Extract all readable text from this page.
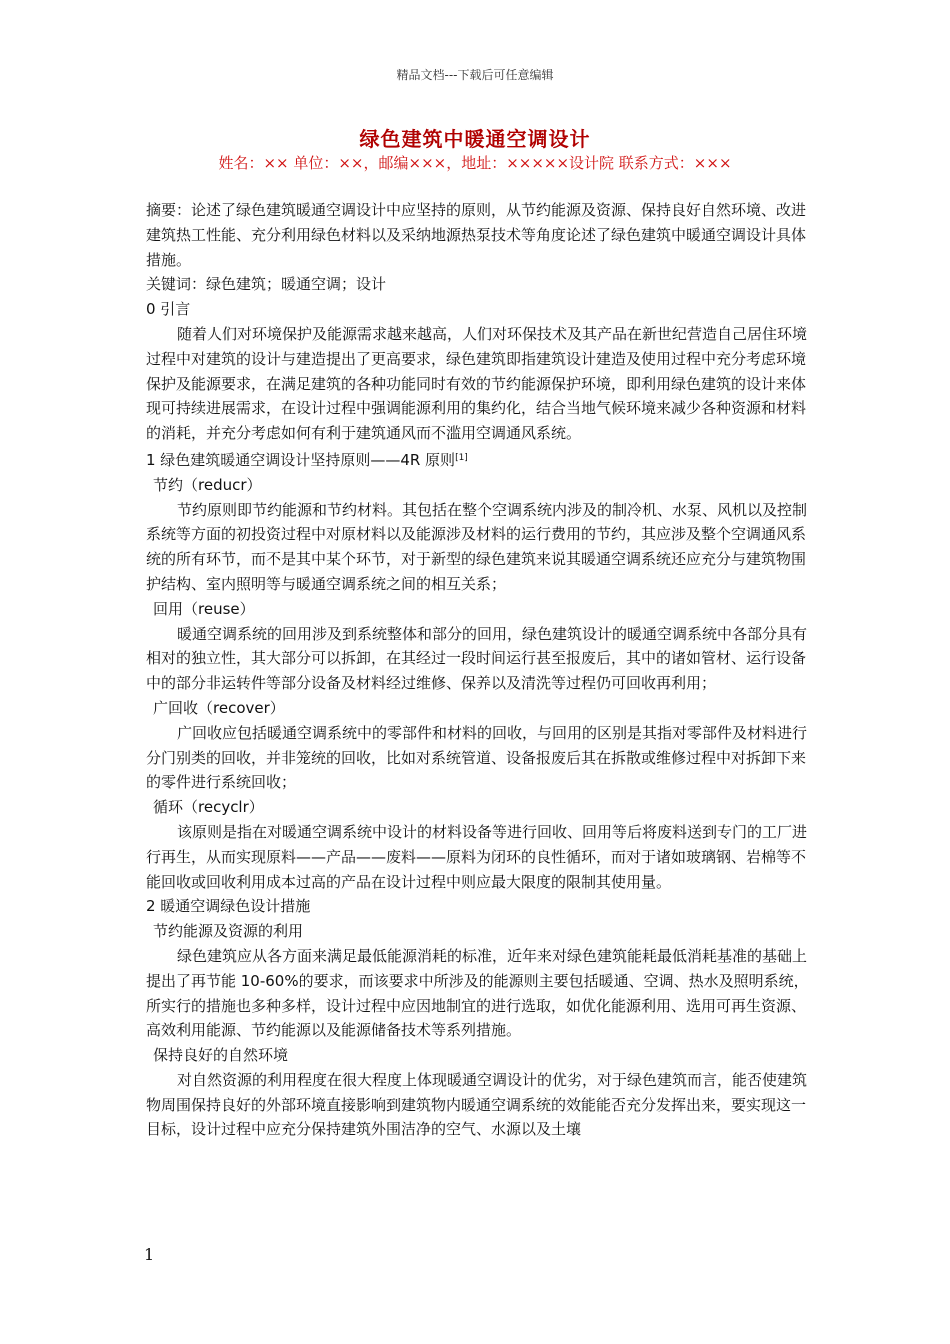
精品文档---下载后可任意编辑
绿色建筑中暖通空调设计
姓名：×× 单位：××，邮编×××，地址：×××××设计院 联系方式：×××

摘要：论述了绿色建筑暖通空调设计中应坚持的原则，从节约能源及资源、保持良好自然环境、改进建筑热工性能、充分利用绿色材料以及采纳地源热泵技术等角度论述了绿色建筑中暖通空调设计具体措施。

关键词：绿色建筑；暖通空调；设计

0 引言

随着人们对环境保护及能源需求越来越高，人们对环保技术及其产品在新世纪营造自己居住环境过程中对建筑的设计与建造提出了更高要求，绿色建筑即指建筑设计建造及使用过程中充分考虑环境保护及能源要求，在满足建筑的各种功能同时有效的节约能源保护环境，即利用绿色建筑的设计来体现可持续进展需求，在设计过程中强调能源利用的集约化，结合当地气候环境来减少各种资源和材料的消耗，并充分考虑如何有利于建筑通风而不滥用空调通风系统。

1 绿色建筑暖通空调设计坚持原则——4R 原则[1]

节约（reducr）

节约原则即节约能源和节约材料。其包括在整个空调系统内涉及的制冷机、水泵、风机以及控制系统等方面的初投资过程中对原材料以及能源涉及材料的运行费用的节约，其应涉及整个空调通风系统的所有环节，而不是其中某个环节，对于新型的绿色建筑来说其暖通空调系统还应充分与建筑物围护结构、室内照明等与暖通空调系统之间的相互关系；

回用（reuse）

暖通空调系统的回用涉及到系统整体和部分的回用，绿色建筑设计的暖通空调系统中各部分具有相对的独立性，其大部分可以拆卸，在其经过一段时间运行甚至报废后，其中的诸如管材、运行设备中的部分非运转件等部分设备及材料经过维修、保养以及清洗等过程仍可回收再利用；

广回收（recover）

广回收应包括暖通空调系统中的零部件和材料的回收，与回用的区别是其指对零部件及材料进行分门别类的回收，并非笼统的回收，比如对系统管道、设备报废后其在拆散或维修过程中对拆卸下来的零件进行系统回收；

循环（recyclr）

该原则是指在对暖通空调系统中设计的材料设备等进行回收、回用等后将废料送到专门的工厂进行再生，从而实现原料——产品——废料——原料为闭环的良性循环，而对于诸如玻璃钢、岩棉等不能回收或回收利用成本过高的产品在设计过程中则应最大限度的限制其使用量。

2 暖通空调绿色设计措施

节约能源及资源的利用

绿色建筑应从各方面来满足最低能源消耗的标准，近年来对绿色建筑能耗最低消耗基准的基础上提出了再节能 10-60%的要求，而该要求中所涉及的能源则主要包括暖通、空调、热水及照明系统，所实行的措施也多种多样，设计过程中应因地制宜的进行选取，如优化能源利用、选用可再生资源、高效利用能源、节约能源以及能源储备技术等系列措施。

保持良好的自然环境

对自然资源的利用程度在很大程度上体现暖通空调设计的优劣，对于绿色建筑而言，能否使建筑物周围保持良好的外部环境直接影响到建筑物内暖通空调系统的效能能否充分发挥出来，要实现这一目标，设计过程中应充分保持建筑外围洁净的空气、水源以及土壤

1
